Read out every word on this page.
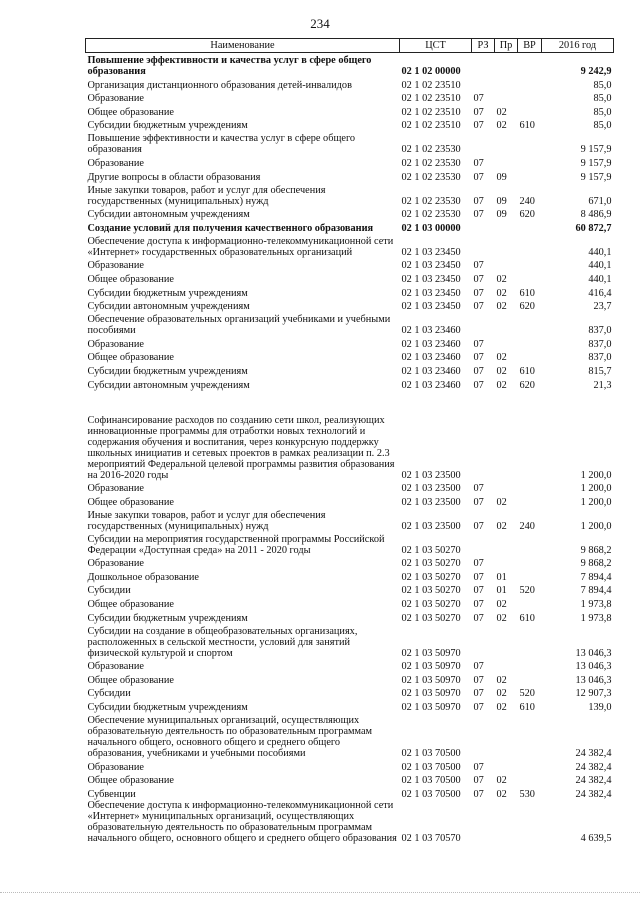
234
Наименование	ЦСТ	РЗ	Пр	ВР	2016 год
Повышение эффективности и качества услуг в сфере общего образования	02 1 02 00000				9 242,9
Организация дистанционного образования детей-инвалидов	02 1 02 23510				85,0
Образование	02 1 02 23510	07			85,0
Общее образование	02 1 02 23510	07	02		85,0
Субсидии бюджетным учреждениям	02 1 02 23510	07	02	610	85,0
Повышение эффективности и качества услуг в сфере общего образования	02 1 02 23530				9 157,9
Образование	02 1 02 23530	07			9 157,9
Другие вопросы в области образования	02 1 02 23530	07	09		9 157,9
Иные закупки товаров, работ и услуг для обеспечения государственных (муниципальных) нужд	02 1 02 23530	07	09	240	671,0
Субсидии автономным учреждениям	02 1 02 23530	07	09	620	8 486,9
Создание условий для получения качественного образования	02 1 03 00000				60 872,7
Обеспечение доступа к информационно-телекоммуникационной сети «Интернет» государственных образовательных организаций	02 1 03 23450				440,1
Образование	02 1 03 23450	07			440,1
Общее образование	02 1 03 23450	07	02		440,1
Субсидии бюджетным учреждениям	02 1 03 23450	07	02	610	416,4
Субсидии автономным учреждениям	02 1 03 23450	07	02	620	23,7
Обеспечение образовательных организаций учебниками и учебными пособиями	02 1 03 23460				837,0
Образование	02 1 03 23460	07			837,0
Общее образование	02 1 03 23460	07	02		837,0
Субсидии бюджетным учреждениям	02 1 03 23460	07	02	610	815,7
Субсидии автономным учреждениям	02 1 03 23460	07	02	620	21,3
Софинансирование расходов по созданию сети школ, реализующих инновационные программы для отработки новых технологий и содержания обучения и воспитания, через конкурсную поддержку школьных инициатив и сетевых проектов в рамках реализации п. 2.3 мероприятий Федеральной целевой программы развития образования на 2016-2020 годы	02 1 03 23500				1 200,0
Образование	02 1 03 23500	07			1 200,0
Общее образование	02 1 03 23500	07	02		1 200,0
Иные закупки товаров, работ и услуг для обеспечения государственных (муниципальных) нужд	02 1 03 23500	07	02	240	1 200,0
Субсидии на мероприятия государственной программы Российской Федерации «Доступная среда» на 2011 - 2020 годы	02 1 03 50270				9 868,2
Образование	02 1 03 50270	07			9 868,2
Дошкольное образование	02 1 03 50270	07	01		7 894,4
Субсидии	02 1 03 50270	07	01	520	7 894,4
Общее образование	02 1 03 50270	07	02		1 973,8
Субсидии бюджетным учреждениям	02 1 03 50270	07	02	610	1 973,8
Субсидии на создание в общеобразовательных организациях, расположенных в сельской местности, условий для занятий физической культурой и спортом	02 1 03 50970				13 046,3
Образование	02 1 03 50970	07			13 046,3
Общее образование	02 1 03 50970	07	02		13 046,3
Субсидии	02 1 03 50970	07	02	520	12 907,3
Субсидии бюджетным учреждениям	02 1 03 50970	07	02	610	139,0
Обеспечение муниципальных организаций, осуществляющих образовательную деятельность по образовательным программам начального общего, основного общего и среднего общего образования, учебниками и учебными пособиями	02 1 03 70500				24 382,4
Образование	02 1 03 70500	07			24 382,4
Общее образование	02 1 03 70500	07	02		24 382,4
Субвенции	02 1 03 70500	07	02	530	24 382,4
Обеспечение доступа к информационно-телекоммуникационной сети «Интернет» муниципальных организаций, осуществляющих образовательную деятельность по образовательным программам начального общего, основного общего и среднего общего образования	02 1 03 70570				4 639,5
